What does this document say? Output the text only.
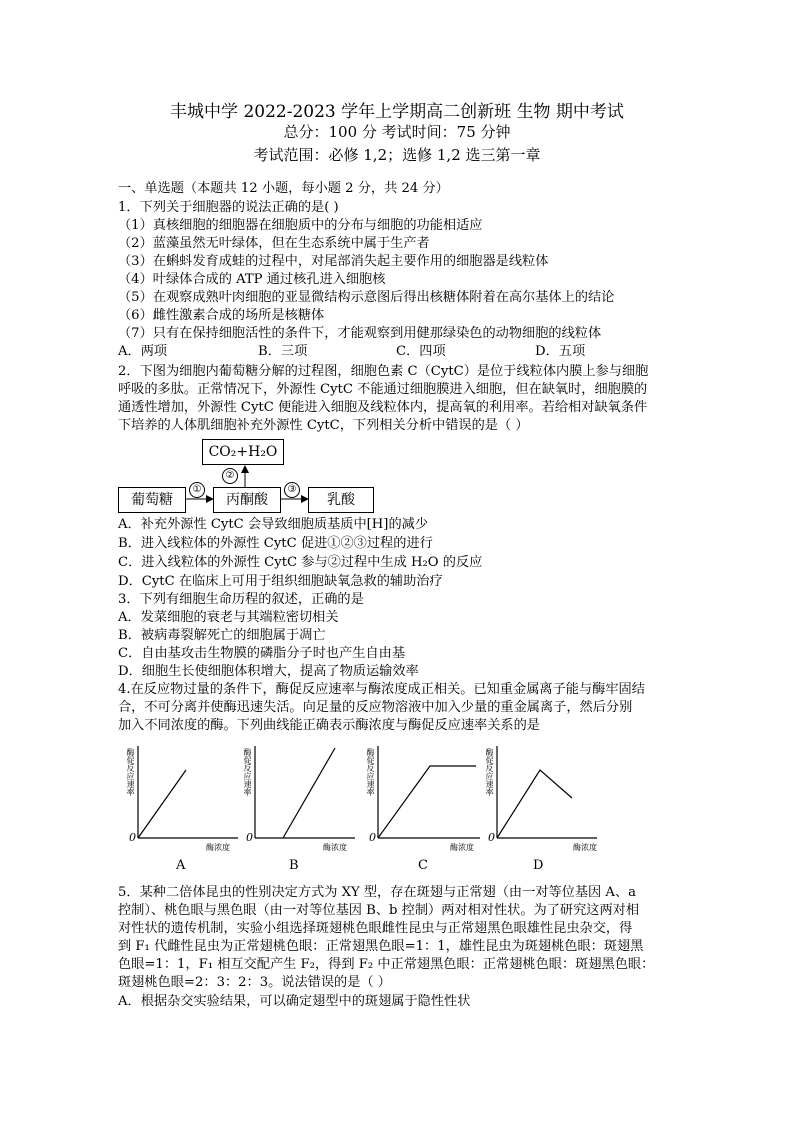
丰城中学 2022-2023 学年上学期高二创新班 生物 期中考试
总分：100 分 考试时间：75 分钟
考试范围：必修 1,2；选修 1,2 选三第一章
一、单选题（本题共 12 小题，每小题 2 分，共 24 分）
1．下列关于细胞器的说法正确的是( )
（1）真核细胞的细胞器在细胞质中的分布与细胞的功能相适应
（2）蓝藻虽然无叶绿体，但在生态系统中属于生产者
（3）在蝌蚪发育成蛙的过程中，对尾部消失起主要作用的细胞器是线粒体
（4）叶绿体合成的 ATP 通过核孔进入细胞核
（5）在观察成熟叶肉细胞的亚显微结构示意图后得出核糖体附着在高尔基体上的结论
（6）雌性激素合成的场所是核糖体
（7）只有在保持细胞活性的条件下，才能观察到用健那绿染色的动物细胞的线粒体
A．两项	B．三项	C．四项	D．五项
2．下图为细胞内葡萄糖分解的过程图，细胞色素 C（CytC）是位于线粒体内膜上参与细胞
呼吸的多肽。正常情况下，外源性 CytC 不能通过细胞膜进入细胞，但在缺氧时，细胞膜的
通透性增加，外源性 CytC 便能进入细胞及线粒体内，提高氧的利用率。若给相对缺氧条件
下培养的人体肌细胞补充外源性 CytC，下列相关分析中错误的是（ ）
CO₂+H₂O
葡萄糖	丙酮酸	乳酸
①
②
③
A．补充外源性 CytC 会导致细胞质基质中[H]的减少
B．进入线粒体的外源性 CytC 促进①②③过程的进行
C．进入线粒体的外源性 CytC 参与②过程中生成 H₂O 的反应
D．CytC 在临床上可用于组织细胞缺氧急救的辅助治疗
3．下列有细胞生命历程的叙述，正确的是
A．发菜细胞的衰老与其端粒密切相关
B．被病毒裂解死亡的细胞属于凋亡
C．自由基攻击生物膜的磷脂分子时也产生自由基
D．细胞生长使细胞体积增大，提高了物质运输效率
4.在反应物过量的条件下，酶促反应速率与酶浓度成正相关。已知重金属离子能与酶牢固结
合，不可分离并使酶迅速失活。向足量的反应物溶液中加入少量的重金属离子，然后分别
加入不同浓度的酶。下列曲线能正确表示酶浓度与酶促反应速率关系的是
酶促反应速率	酶促反应速率	酶促反应速率	酶促反应速率
酶浓度	酶浓度	酶浓度	酶浓度
0	0	0	0
A	B	C	D
5．某种二倍体昆虫的性别决定方式为 XY 型，存在斑翅与正常翅（由一对等位基因 A、a
控制）、桃色眼与黑色眼（由一对等位基因 B、b 控制）两对相对性状。为了研究这两对相
对性状的遗传机制，实验小组选择斑翅桃色眼雌性昆虫与正常翅黑色眼雄性昆虫杂交，得
到 F₁ 代雌性昆虫为正常翅桃色眼：正常翅黑色眼=1：1，雄性昆虫为斑翅桃色眼：斑翅黑
色眼=1：1，F₁ 相互交配产生 F₂，得到 F₂ 中正常翅黑色眼：正常翅桃色眼：斑翅黑色眼：
斑翅桃色眼=2：3：2：3。说法错误的是（ ）
A．根据杂交实验结果，可以确定翅型中的斑翅属于隐性性状
